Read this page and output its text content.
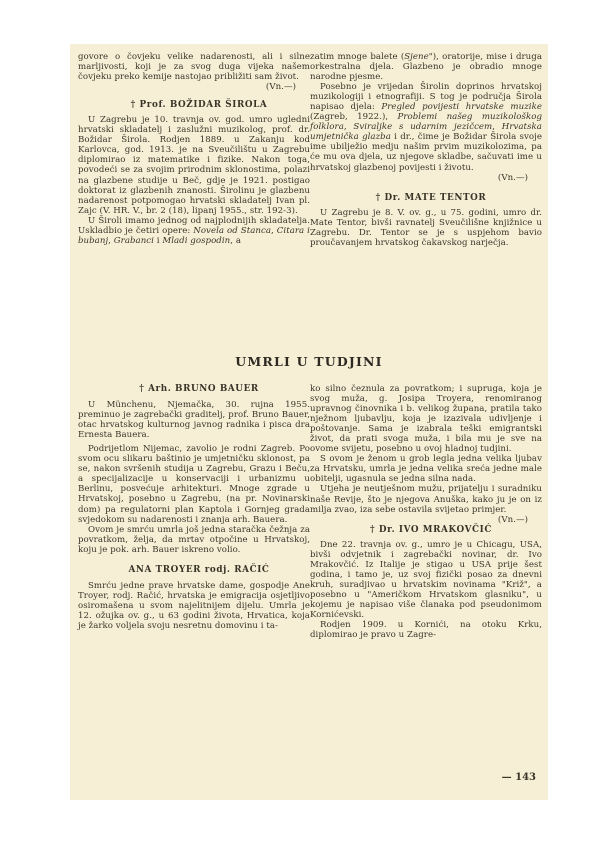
govore o čovjeku velike nadarenosti, ali i silne marljivosti, koji je za svog duga vijeka našem čovjeku preko kemije nastojao približiti sam život.

(Vn.—)

† Prof. BOŽIDAR ŠIROLA

U Zagrebu je 10. travnja ov. god. umro ugledni hrvatski skladatelj i zaslužni muzikolog, prof. dr. Božidar Širola. Rodjen 1889. u Zakanju kod Karlovca, god. 1913. je na Sveučilištu u Zagrebu diplomirao iz matematike i fizike. Nakon toga, povodeći se za svojim prirodnim sklonostima, polazi na glazbene studije u Beč, gdje je 1921. postigao doktorat iz glazbenih znanosti. Širolinu je glazbenu nadarenost potpomogao hrvatski skladatelj Ivan pl. Zajc (V. HR. V., br. 2 (18), lipanj 1955., str. 192-3).

U Široli imamo jednog od najplodnijih skladatelja. Uskladbio je četiri opere: Novela od Stanca, Citara i bubanj, Grabanci i Mladi gospodin, a

zatim mnoge balete (Sjene"), oratorije, mise i druga orkestralna djela. Glazbeno je obradio mnoge narodne pjesme.

Posebno je vrijedan Širolin doprinos hrvatskoj muzikologiji i etnografiji. S tog je područja Širola napisao djela: Pregled povijesti hrvatske muzike (Zagreb, 1922.), Problemi našeg muzikološkog folklora, Sviraljke s udarnim jezičcem, Hrvatska umjetnička glazba i dr., čime je Božidar Širola svoje ime ubilježio medju našim prvim muzikolozima, pa će mu ova djela, uz njegove skladbe, sačuvati ime u hrvatskoj glazbenoj povijesti i životu.

(Vn.—)

† Dr. MATE TENTOR

U Zagrebu je 8. V. ov. g., u 75. godini, umro dr. Mate Tentor, bivši ravnatelj Sveučilišne knjižnice u Zagrebu. Dr. Tentor se je s uspjehom bavio proučavanjem hrvatskog čakavskog narječja.

UMRLI U TUDJINI

† Arh. BRUNO BAUER

U Münchenu, Njemačka, 30. rujna 1955. preminuo je zagrebački graditelj, prof. Bruno Bauer, otac hrvatskog kulturnog javnog radnika i pisca dra Ernesta Bauera.

Podrijetlom Nijemac, zavolio je rodni Zagreb. Po svom ocu slikaru baštinio je umjetničku sklonost, pa se, nakon svršenih studija u Zagrebu, Grazu i Beču, a specijalizacije u konservaciji i urbanizmu u Berlinu, posvećuje arhitekturi. Mnoge zgrade u Hrvatskoj, posebno u Zagrebu, (na pr. Novinarski dom) pa regulatorni plan Kaptola i Gornjeg grada svjedokom su nadarenosti i znanja arh. Bauera.

Ovom je smrću umrla još jedna staračka čežnja za povratkom, želja, da mrtav otpočine u Hrvatskoj, koju je pok. arh. Bauer iskreno volio.

ANA TROYER rodj. RAČIĆ

Smrću jedne prave hrvatske dame, gospodje Ane Troyer, rodj. Račić, hrvatska je emigracija osjetljivo osiromašena u svom najelitnijem dijelu. Umrla je 12. ožujka ov. g., u 63 godini života, Hrvatica, koja je žarko voljela svoju nesretnu domovinu i ta-

ko silno čeznula za povratkom; i supruga, koja je svog muža, g. Josipa Troyera, renomiranog upravnog činovnika i b. velikog župana, pratila tako nježnom ljubavlju, koja je izazivala udivljenje i poštovanje. Sama je izabrala teški emigrantski život, da prati svoga muža, i bila mu je sve na ovome svijetu, posebno u ovoj hladnoj tudjini.

S ovom je ženom u grob legla jedna velika ljubav za Hrvatsku, umrla je jedna velika sreća jedne male obitelji, ugasnula se jedna silna nada.

Utjeha je neutješnom mužu, prijatelju i suradniku naše Revije, što je njegova Anuška, kako ju je on iz milja zvao, iza sebe ostavila svijetao primjer.
(Vn.—)

† Dr. IVO MRAKOVČIĆ

Dne 22. travnja ov. g., umro je u Chicagu, USA, bivši odvjetnik i zagrebački novinar, dr. Ivo Mrakovčić. Iz Italije je stigao u USA prije šest godina, i tamo je, uz svoj fizički posao za dnevni kruh, suradjivao u hrvatskim novinama "Križ", a posebno u "Američkom Hrvatskom glasniku", u kojemu je napisao više članaka pod pseudonimom Kornićevski.

Rodjen 1909. u Kornići, na otoku Krku, diplomirao je pravo u Zagre-

— 143
